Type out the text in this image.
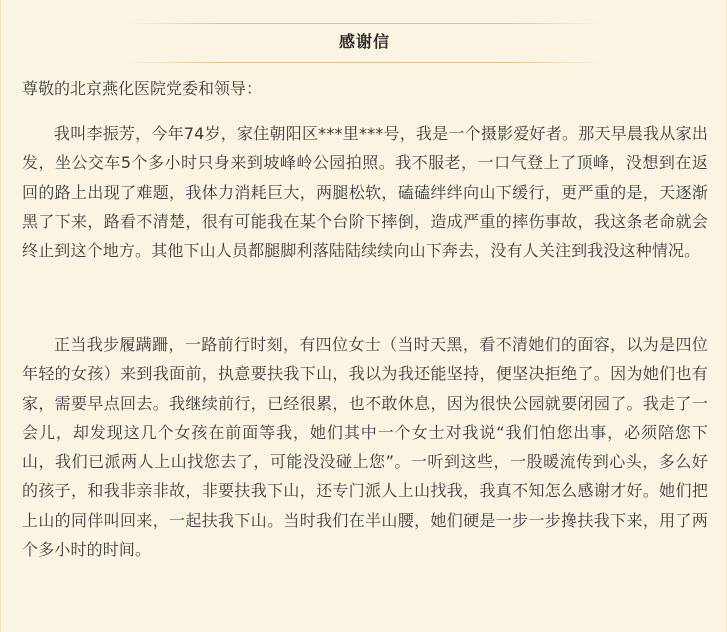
感谢信
尊敬的北京燕化医院党委和领导：

我叫李振芳，今年74岁，家住朝阳区***里***号，我是一个摄影爱好者。那天早晨我从家出发，坐公交车5个多小时只身来到坡峰岭公园拍照。我不服老，一口气登上了顶峰，没想到在返回的路上出现了难题，我体力消耗巨大，两腿松软，磕磕绊绊向山下缓行，更严重的是，天逐渐黑了下来，路看不清楚，很有可能我在某个台阶下摔倒，造成严重的摔伤事故，我这条老命就会终止到这个地方。其他下山人员都腿脚利落陆陆续续向山下奔去，没有人关注到我没这种情况。

正当我步履蹒跚，一路前行时刻，有四位女士（当时天黑，看不清她们的面容，以为是四位年轻的女孩）来到我面前，执意要扶我下山，我以为我还能坚持，便坚决拒绝了。因为她们也有家，需要早点回去。我继续前行，已经很累，也不敢休息，因为很快公园就要闭园了。我走了一会儿，却发现这几个女孩在前面等我，她们其中一个女士对我说“我们怕您出事，必须陪您下山，我们已派两人上山找您去了，可能没没碰上您”。一听到这些，一股暖流传到心头，多么好的孩子，和我非亲非故，非要扶我下山，还专门派人上山找我，我真不知怎么感谢才好。她们把上山的同伴叫回来，一起扶我下山。当时我们在半山腰，她们硬是一步一步搀扶我下来，用了两个多小时的时间。
